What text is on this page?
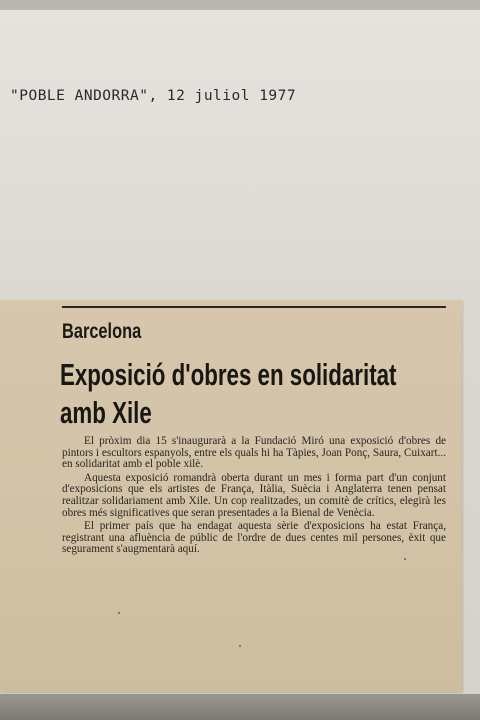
"POBLE ANDORRA", 12 juliol 1977
Barcelona
Exposició d'obres en solidaritat amb Xile

El pròxim dia 15 s'inaugurarà a la Fundació Miró una exposició d'obres de pintors i escultors espanyols, entre els quals hi ha Tàpies, Joan Ponç, Saura, Cuixart... en solidaritat amb el poble xilè.

Aquesta exposició romandrà oberta durant un mes i forma part d'un conjunt d'exposicions que els artistes de França, Itàlia, Suècia i Anglaterra tenen pensat realitzar solidariament amb Xile. Un cop realitzades, un comitè de crítics, elegirà les obres més significatives que seran presentades a la Bienal de Venècia.

El primer país que ha endagat aquesta sèrie d'exposicions ha estat França, registrant una afluència de públic de l'ordre de dues centes mil persones, èxit que segurament s'augmentarà aquí.
